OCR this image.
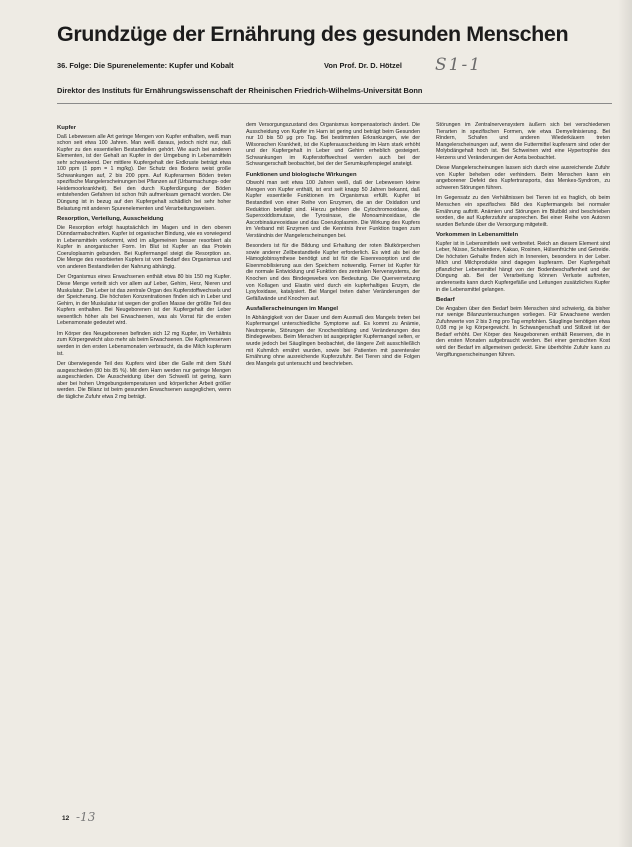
Grundzüge der Ernährung des gesunden Menschen
36. Folge: Die Spurenelemente: Kupfer und Kobalt	Von Prof. Dr. D. Hötzel S1-1
Direktor des Instituts für Ernährungswissenschaft der Rheinischen Friedrich-Wilhelms-Universität Bonn
Kupfer

Daß Lebewesen alle Art geringe Mengen von Kupfer enthalten, weiß man schon seit etwa 100 Jahren. Man weiß daraus, jedoch nicht nur, daß Kupfer zu den essentiellen Bestandteilen gehört. Wie auch bei anderen Elementen, ist der Gehalt an Kupfer in der Umgebung in Lebensmitteln sehr schwankend. Der mittlere Kupfergehalt der Erdkruste beträgt etwa 100 ppm (1 ppm = 1 mg/kg). Der Schutz des Bodens weist große Schwankungen auf, 2 bis 200 ppm. Auf Kupferarmen Böden treten spezifische Mangelerscheinungen bei Pflanzen auf (Urbarmachungs- oder Heidemoorkrankheit). Bei den durch Kupferdüngung der Böden entstehenden Gefahren ist schon früh aufmerksam gemacht worden. Die Düngung ist in bezug auf den Kupfergehalt schädlich bei sehr hoher Belastung mit anderen Spurenelementen und Verarbeitungsweisen.

Resorption, Verteilung, Ausscheidung

Die Resorption erfolgt hauptsächlich im Magen und in den oberen Dünndarmabschnitten. Kupfer ist organischer Bindung, wie es vorwiegend in Lebensmitteln vorkommt, wird im allgemeinen besser resorbiert als Kupfer in anorganischer Form. Im Blut ist Kupfer an das Protein Coeruloplasmin gebunden. Bei Kupfermangel steigt die Resorption an. Die Menge des resorbierten Kupfers ist vom Bedarf des Organismus und von anderen Bestandteilen der Nahrung abhängig.

Der Organismus eines Erwachsenen enthält etwa 80 bis 150 mg Kupfer. Diese Menge verteilt sich vor allem auf Leber, Gehirn, Herz, Nieren und Muskulatur. Die Leber ist das zentrale Organ des Kupferstoffwechsels und der Speicherung. Die höchsten Konzentrationen finden sich in Leber und Gehirn, in der Muskulatur ist wegen der großen Masse der größte Teil des Kupfers enthalten. Bei Neugeborenen ist der Kupfergehalt der Leber wesentlich höher als bei Erwachsenen, was als Vorrat für die ersten Lebensmonate gedeutet wird.

Im Körper des Neugeborenen befinden sich 12 mg Kupfer, im Verhältnis zum Körpergewicht also mehr als beim Erwachsenen. Die Kupferreserven werden in den ersten Lebensmonaten verbraucht, da die Milch kupferarm ist.

Der überwiegende Teil des Kupfers wird über die Galle mit dem Stuhl ausgeschieden (80 bis 85 %). Mit dem Harn werden nur geringe Mengen ausgeschieden. Die Ausscheidung über den Schweiß ist gering, kann aber bei hohen Umgebungstemperaturen und körperlicher Arbeit größer werden. Die Bilanz ist beim gesunden Erwachsenen ausgeglichen, wenn die tägliche Zufuhr etwa 2 mg beträgt.

dem Versorgungszustand des Organismus kompensatorisch ändert. Die Ausscheidung von Kupfer im Harn ist gering und beträgt beim Gesunden nur 10 bis 50 μg pro Tag. Bei bestimmten Erkrankungen, wie der Wilsonschen Krankheit, ist die Kupferausscheidung im Harn stark erhöht und der Kupfergehalt in Leber und Gehirn erheblich gesteigert. Schwankungen im Kupferstoffwechsel werden auch bei der Schwangerschaft beobachtet, bei der der Serumkupferspiegel ansteigt.

Funktionen und biologische Wirkungen

Obwohl man seit etwa 100 Jahren weiß, daß der Lebewesen kleine Mengen von Kupfer enthält, ist erst seit knapp 50 Jahren bekannt, daß Kupfer essentielle Funktionen im Organismus erfüllt. Kupfer ist Bestandteil von einer Reihe von Enzymen, die an der Oxidation und Reduktion beteiligt sind. Hierzu gehören die Cytochromoxidase, die Superoxiddismutase, die Tyrosinase, die Monoaminoxidase, die Ascorbinsäureoxidase und das Coeruloplasmin. Die Wirkung des Kupfers im Verband mit Enzymen und die Kenntnis ihrer Funktion tragen zum Verständnis der Mangelerscheinungen bei.

Besonders ist für die Bildung und Erhaltung der roten Blutkörperchen sowie anderer Zellbestandteile Kupfer erforderlich. Es wird als bei der Hämoglobinsynthese benötigt und ist für die Eisenresorption und die Eisenmobilisierung aus den Speichern notwendig. Ferner ist Kupfer für die normale Entwicklung und Funktion des zentralen Nervensystems, der Knochen und des Bindegewebes von Bedeutung. Die Quervernetzung von Kollagen und Elastin wird durch ein kupferhaltiges Enzym, die Lysyloxidase, katalysiert. Bei Mangel treten daher Veränderungen der Gefäßwände und Knochen auf.

Ausfallerscheinungen im Mangel

In Abhängigkeit von der Dauer und dem Ausmaß des Mangels treten bei Kupfermangel unterschiedliche Symptome auf. Es kommt zu Anämie, Neutropenie, Störungen der Knochenbildung und Veränderungen des Bindegewebes. Beim Menschen ist ausgeprägter Kupfermangel selten, er wurde jedoch bei Säuglingen beobachtet, die längere Zeit ausschließlich mit Kuhmilch ernährt wurden, sowie bei Patienten mit parenteraler Ernährung ohne ausreichende Kupferzufuhr. Bei Tieren sind die Folgen des Mangels gut untersucht und beschrieben.

Störungen im Zentralnervensystem äußern sich bei verschiedenen Tierarten in spezifischen Formen, wie etwa Demyelinisierung. Bei Rindern, Schafen und anderen Wiederkäuern treten Mangelerscheinungen auf, wenn die Futtermittel kupferarm sind oder der Molybdängehalt hoch ist. Bei Schweinen wird eine Hypertrophie des Herzens und Veränderungen der Aorta beobachtet.

Diese Mangelerscheinungen lassen sich durch eine ausreichende Zufuhr von Kupfer beheben oder verhindern. Beim Menschen kann ein angeborener Defekt des Kupfertransports, das Menkes-Syndrom, zu schweren Störungen führen.

Im Gegensatz zu den Verhältnissen bei Tieren ist es fraglich, ob beim Menschen ein spezifisches Bild des Kupfermangels bei normaler Ernährung auftritt. Anämien und Störungen im Blutbild sind beschrieben worden, die auf Kupferzufuhr ansprechen. Bei einer Reihe von Autoren wurden Befunde über die Versorgung mitgeteilt.

Vorkommen in Lebensmitteln

Kupfer ist in Lebensmitteln weit verbreitet. Reich an diesem Element sind Leber, Nüsse, Schalentiere, Kakao, Rosinen, Hülsenfrüchte und Getreide. Die höchsten Gehalte finden sich in Innereien, besonders in der Leber. Milch und Milchprodukte sind dagegen kupferarm. Der Kupfergehalt pflanzlicher Lebensmittel hängt von der Bodenbeschaffenheit und der Düngung ab. Bei der Verarbeitung können Verluste auftreten, andererseits kann durch Kupfergefäße und Leitungen zusätzliches Kupfer in die Lebensmittel gelangen.

Bedarf

Die Angaben über den Bedarf beim Menschen sind schwierig, da bisher nur wenige Bilanzuntersuchungen vorliegen. Für Erwachsene werden Zufuhrwerte von 2 bis 3 mg pro Tag empfohlen. Säuglinge benötigen etwa 0,08 mg je kg Körpergewicht. In Schwangerschaft und Stillzeit ist der Bedarf erhöht. Der Körper des Neugeborenen enthält Reserven, die in den ersten Monaten aufgebraucht werden. Bei einer gemischten Kost wird der Bedarf im allgemeinen gedeckt. Eine überhöhte Zufuhr kann zu Vergiftungserscheinungen führen.

12 -13
